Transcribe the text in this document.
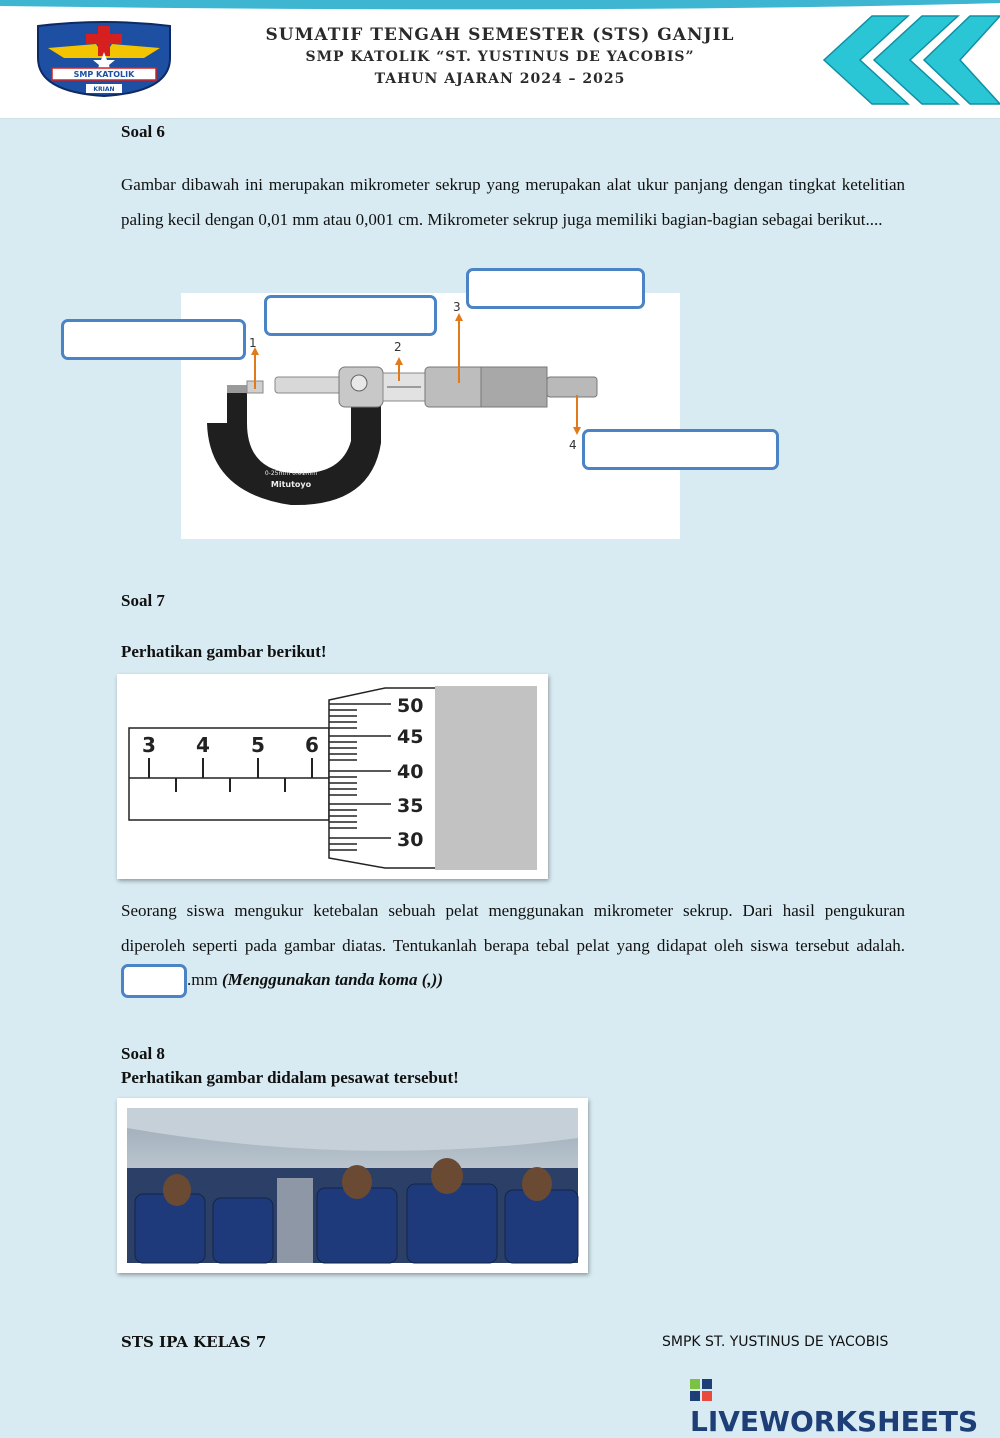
SMP KATOLIK
KRIAN
SUMATIF TENGAH SEMESTER (STS) GANJIL
SMP KATOLIK “ST. YUSTINUS DE YACOBIS”
TAHUN AJARAN 2024 – 2025
Soal 6
Gambar dibawah ini merupakan mikrometer sekrup yang merupakan alat ukur panjang dengan tingkat ketelitian paling kecil dengan 0,01 mm atau 0,001 cm. Mikrometer sekrup juga memiliki bagian-bagian sebagai berikut....
0-25mm 0.01mm
Mitutoyo
1	2
3
4
Soal 7
Perhatikan gambar berikut!
3 4 5 6
50
45
40
35
30
Seorang siswa mengukur ketebalan sebuah pelat menggunakan mikrometer sekrup. Dari hasil pengukuran diperoleh seperti pada gambar diatas. Tentukanlah berapa tebal pelat yang didapat oleh siswa tersebut adalah..mm (Menggunakan tanda koma (,))
Soal 8
Perhatikan gambar didalam pesawat tersebut!
STS IPA KELAS 7	SMPK ST. YUSTINUS DE YACOBIS
LIVEWORKSHEETS
